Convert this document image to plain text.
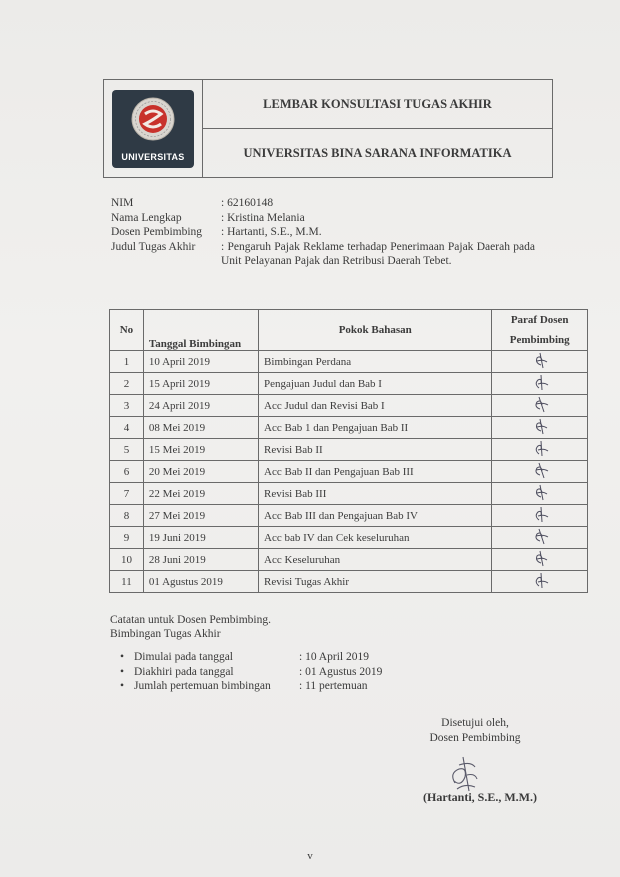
UNIVERSITAS
LEMBAR KONSULTASI TUGAS AKHIR
UNIVERSITAS BINA SARANA INFORMATIKA
NIM	: 62160148
Nama Lengkap	: Kristina Melania
Dosen Pembimbing	: Hartanti, S.E., M.M.
Judul Tugas Akhir	: Pengaruh Pajak Reklame terhadap Penerimaan Pajak Daerah pada Unit Pelayanan Pajak dan Retribusi Daerah Tebet.
No	Tanggal Bimbingan	Pokok Bahasan	Paraf Dosen
Pembimbing
1	10 April 2019	Bimbingan Perdana	
2	15 April 2019	Pengajuan Judul dan Bab I	
3	24 April 2019	Acc Judul dan Revisi Bab I	
4	08 Mei 2019	Acc Bab 1 dan Pengajuan Bab II	
5	15 Mei 2019	Revisi Bab II	
6	20 Mei 2019	Acc Bab II dan Pengajuan Bab III	
7	22 Mei 2019	Revisi Bab III	
8	27 Mei 2019	Acc Bab III dan Pengajuan Bab IV	
9	19 Juni 2019	Acc bab IV dan Cek keseluruhan	
10	28 Juni 2019	Acc Keseluruhan	
11	01 Agustus 2019	Revisi Tugas Akhir	
Catatan untuk Dosen Pembimbing.
Bimbingan Tugas Akhir
• Dimulai pada tanggal	: 10 April 2019
• Diakhiri pada tanggal	: 01 Agustus 2019
• Jumlah pertemuan bimbingan	: 11 pertemuan
Disetujui oleh,
Dosen Pembimbing
(Hartanti, S.E., M.M.)
v
